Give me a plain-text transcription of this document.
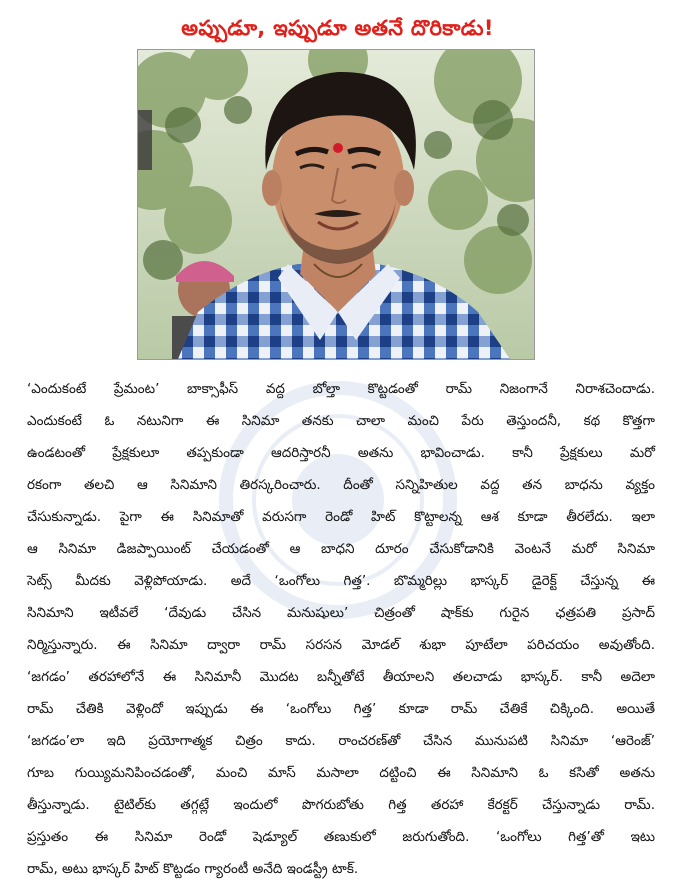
అప్పుడూ, ఇప్పుడూ అతనే దొరికాడు!
‘ఎందుకంటే ప్రేమంట’ బాక్సాఫీస్ వద్ద బోల్తా కొట్టడంతో రామ్ నిజంగానే నిరాశచెందాడు.
ఎందుకంటే ఓ నటునిగా ఈ సినిమా తనకు చాలా మంచి పేరు తెస్తుందనీ, కథ కొత్తగా
ఉండటంతో ప్రేక్షకులూ తప్పకుండా ఆదరిస్తారనీ అతను భావించాడు. కానీ ప్రేక్షకులు మరో
రకంగా తలచి ఆ సినిమాని తిరస్కరించారు. దీంతో సన్నిహితుల వద్ద తన బాధను వ్యక్తం
చేసుకున్నాడు. పైగా ఈ సినిమాతో వరుసగా రెండో హిట్ కొట్టాలన్న ఆశ కూడా తీరలేదు. ఇలా
ఆ సినిమా డిజప్పాయింట్ చేయడంతో ఆ బాధని దూరం చేసుకోడానికి వెంటనే మరో సినిమా
సెట్స్ మీదకు వెళ్లిపోయాడు. అదే ‘ఒంగోలు గిత్త’. బొమ్మరిల్లు భాస్కర్ డైరెక్ట్ చేస్తున్న ఈ
సినిమాని ఇటీవలే ‘దేవుడు చేసిన మనుషులు’ చిత్రంతో షాక్‌కు గురైన ఛత్రపతి ప్రసాద్
నిర్మిస్తున్నారు. ఈ సినిమా ద్వారా రామ్ సరసన మోడల్ శుభా పూటేలా పరిచయం అవుతోంది.
‘జగడం’ తరహాలోనే ఈ సినిమానీ మొదట బన్నీతోటే తీయాలని తలచాడు భాస్కర్. కానీ అదెలా
రామ్ చేతికి వెళ్లిందో ఇప్పుడు ఈ ‘ఒంగోలు గిత్త’ కూడా రామ్ చేతికే చిక్కింది. అయితే
‘జగడం’లా ఇది ప్రయోగాత్మక చిత్రం కాదు. రాంచరణ్‌తో చేసిన మునుపటి సినిమా ‘ఆరెంజ్’
గూబ గుయ్యిమనిపించడంతో, మంచి మాస్ మసాలా దట్టించి ఈ సినిమాని ఓ కసితో అతను
తీస్తున్నాడు. టైటిల్‌కు తగ్గట్లే ఇందులో పొగరుబోతు గిత్త తరహా కేరక్టర్ చేస్తున్నాడు రామ్.
ప్రస్తుతం ఈ సినిమా రెండో షెడ్యూల్ తణుకులో జరుగుతోంది. ‘ఒంగోలు గిత్త’తో ఇటు
రామ్, అటు భాస్కర్ హిట్ కొట్టడం గ్యారంటీ అనేది ఇండస్ట్రీ టాక్.
